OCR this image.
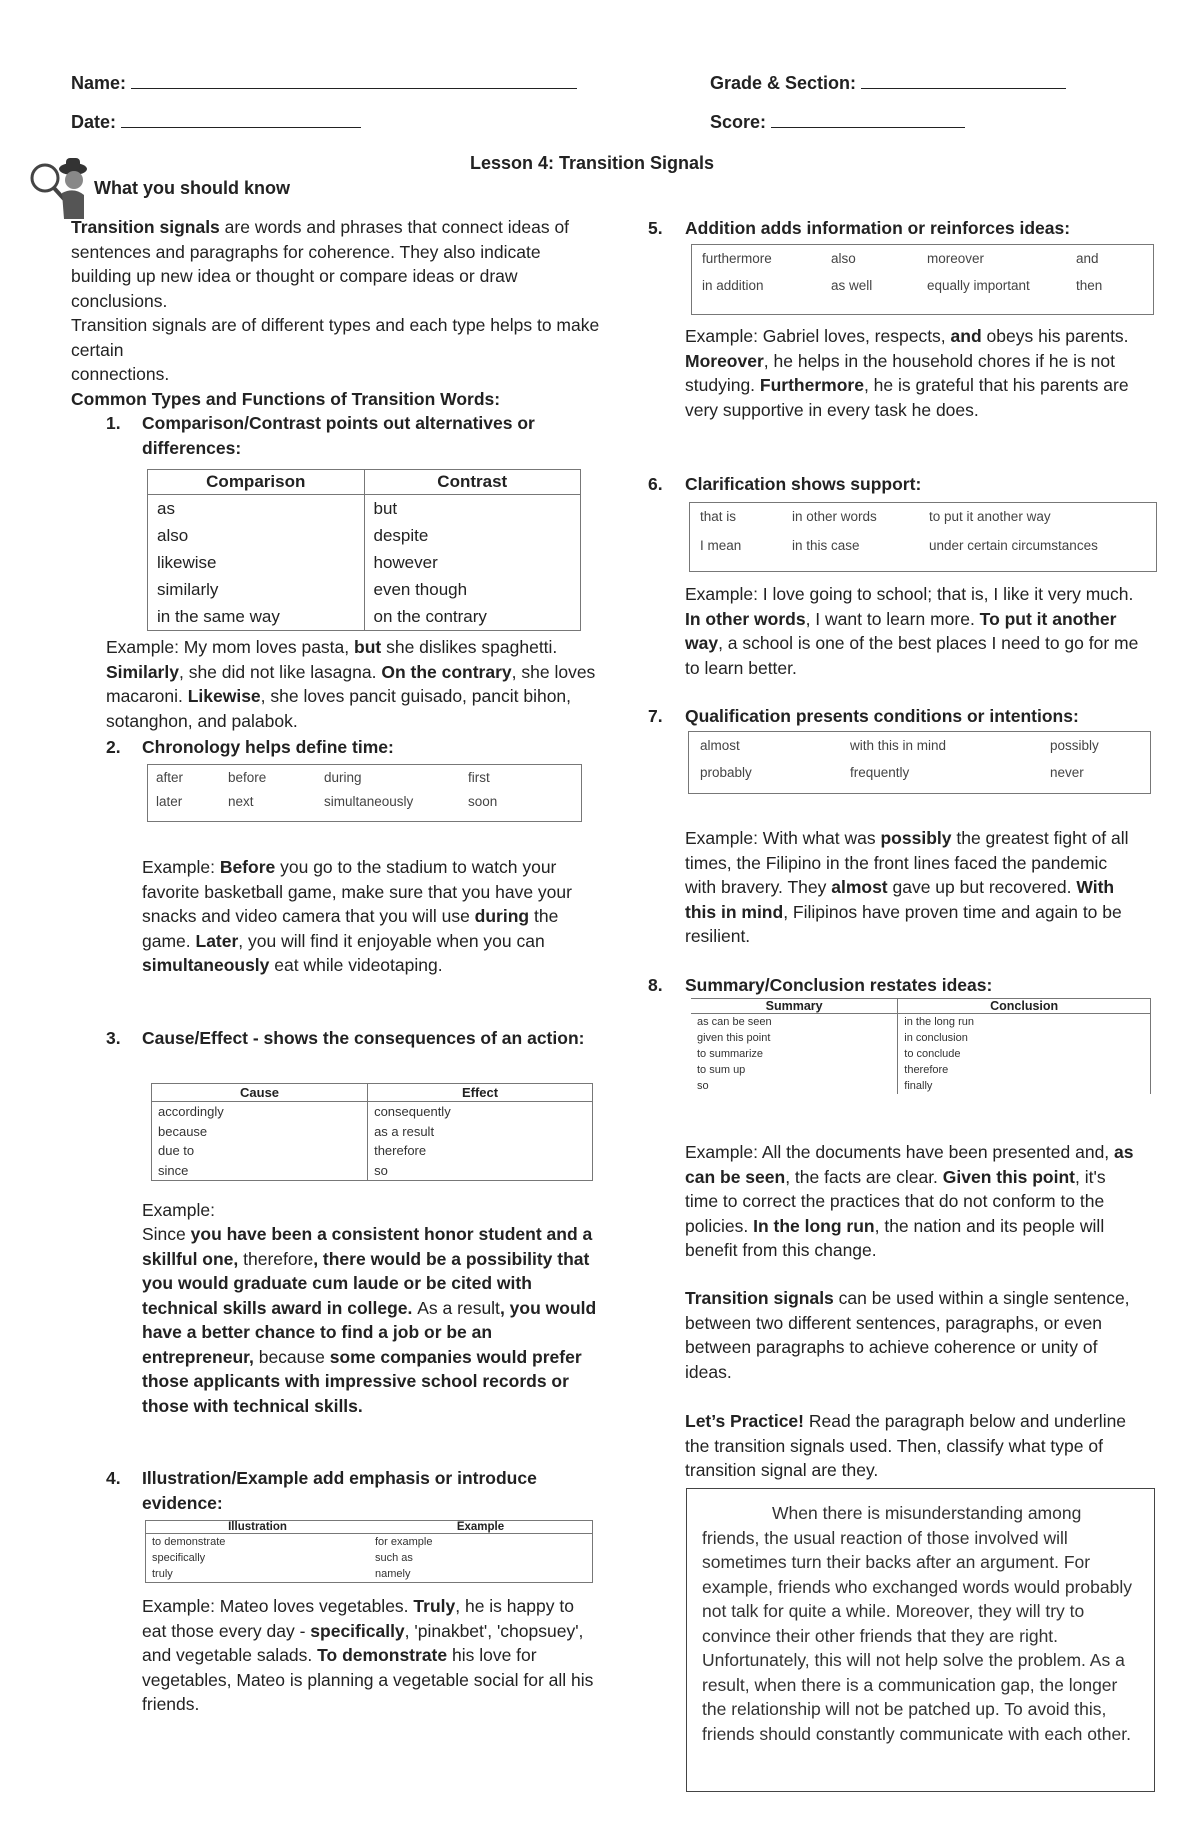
Name:	Grade & Section:
Date:	Score:
Lesson 4: Transition Signals
What you should know
Transition signals are words and phrases that connect ideas of sentences and paragraphs for coherence. They also indicate building up new idea or thought or compare ideas or draw conclusions.
Transition signals are of different types and each type helps to make certain
connections.
Common Types and Functions of Transition Words:
1. Comparison/Contrast points out alternatives or differences:
Comparison	Contrast
as	but
also	despite
likewise	however
similarly	even though
in the same way	on the contrary
Example: My mom loves pasta, but she dislikes spaghetti. Similarly, she did not like lasagna. On the contrary, she loves macaroni. Likewise, she loves pancit guisado, pancit bihon, sotanghon, and palabok.
2. Chronology helps define time:
after	before	during	first
later	next	simultaneously	soon
Example: Before you go to the stadium to watch your favorite basketball game, make sure that you have your snacks and video camera that you will use during the game. Later, you will find it enjoyable when you can simultaneously eat while videotaping.
3. Cause/Effect - shows the consequences of an action:
Cause	Effect
accordingly	consequently
because	as a result
due to	therefore
since	so
Example:
Since you have been a consistent honor student and a skillful one, therefore, there would be a possibility that you would graduate cum laude or be cited with technical skills award in college. As a result, you would have a better chance to find a job or be an entrepreneur, because some companies would prefer those applicants with impressive school records or those with technical skills.
4. Illustration/Example add emphasis or introduce evidence:
Illustration	Example
to demonstrate	for example
specifically	such as
truly	namely
Example: Mateo loves vegetables. Truly, he is happy to eat those every day - specifically, 'pinakbet', 'chopsuey', and vegetable salads. To demonstrate his love for vegetables, Mateo is planning a vegetable social for all his friends.
5. Addition adds information or reinforces ideas:
furthermore	also	moreover	and
in addition	as well	equally important	then
Example: Gabriel loves, respects, and obeys his parents. Moreover, he helps in the household chores if he is not studying. Furthermore, he is grateful that his parents are very supportive in every task he does.
6. Clarification shows support:
that is	in other words	to put it another way
I mean	in this case	under certain circumstances
Example: I love going to school; that is, I like it very much. In other words, I want to learn more. To put it another way, a school is one of the best places I need to go for me to learn better.
7. Qualification presents conditions or intentions:
almost	with this in mind	possibly
probably	frequently	never
Example: With what was possibly the greatest fight of all times, the Filipino in the front lines faced the pandemic with bravery. They almost gave up but recovered. With this in mind, Filipinos have proven time and again to be resilient.
8. Summary/Conclusion restates ideas:
Summary	Conclusion
as can be seen	in the long run
given this point	in conclusion
to summarize	to conclude
to sum up	therefore
so	finally
Example: All the documents have been presented and, as can be seen, the facts are clear. Given this point, it's time to correct the practices that do not conform to the policies. In the long run, the nation and its people will benefit from this change.
Transition signals can be used within a single sentence, between two different sentences, paragraphs, or even between paragraphs to achieve coherence or unity of ideas.
Let’s Practice! Read the paragraph below and underline the transition signals used. Then, classify what type of transition signal are they.
When there is misunderstanding among friends, the usual reaction of those involved will sometimes turn their backs after an argument. For example, friends who exchanged words would probably not talk for quite a while. Moreover, they will try to convince their other friends that they are right. Unfortunately, this will not help solve the problem. As a result, when there is a communication gap, the longer the relationship will not be patched up. To avoid this, friends should constantly communicate with each other.
